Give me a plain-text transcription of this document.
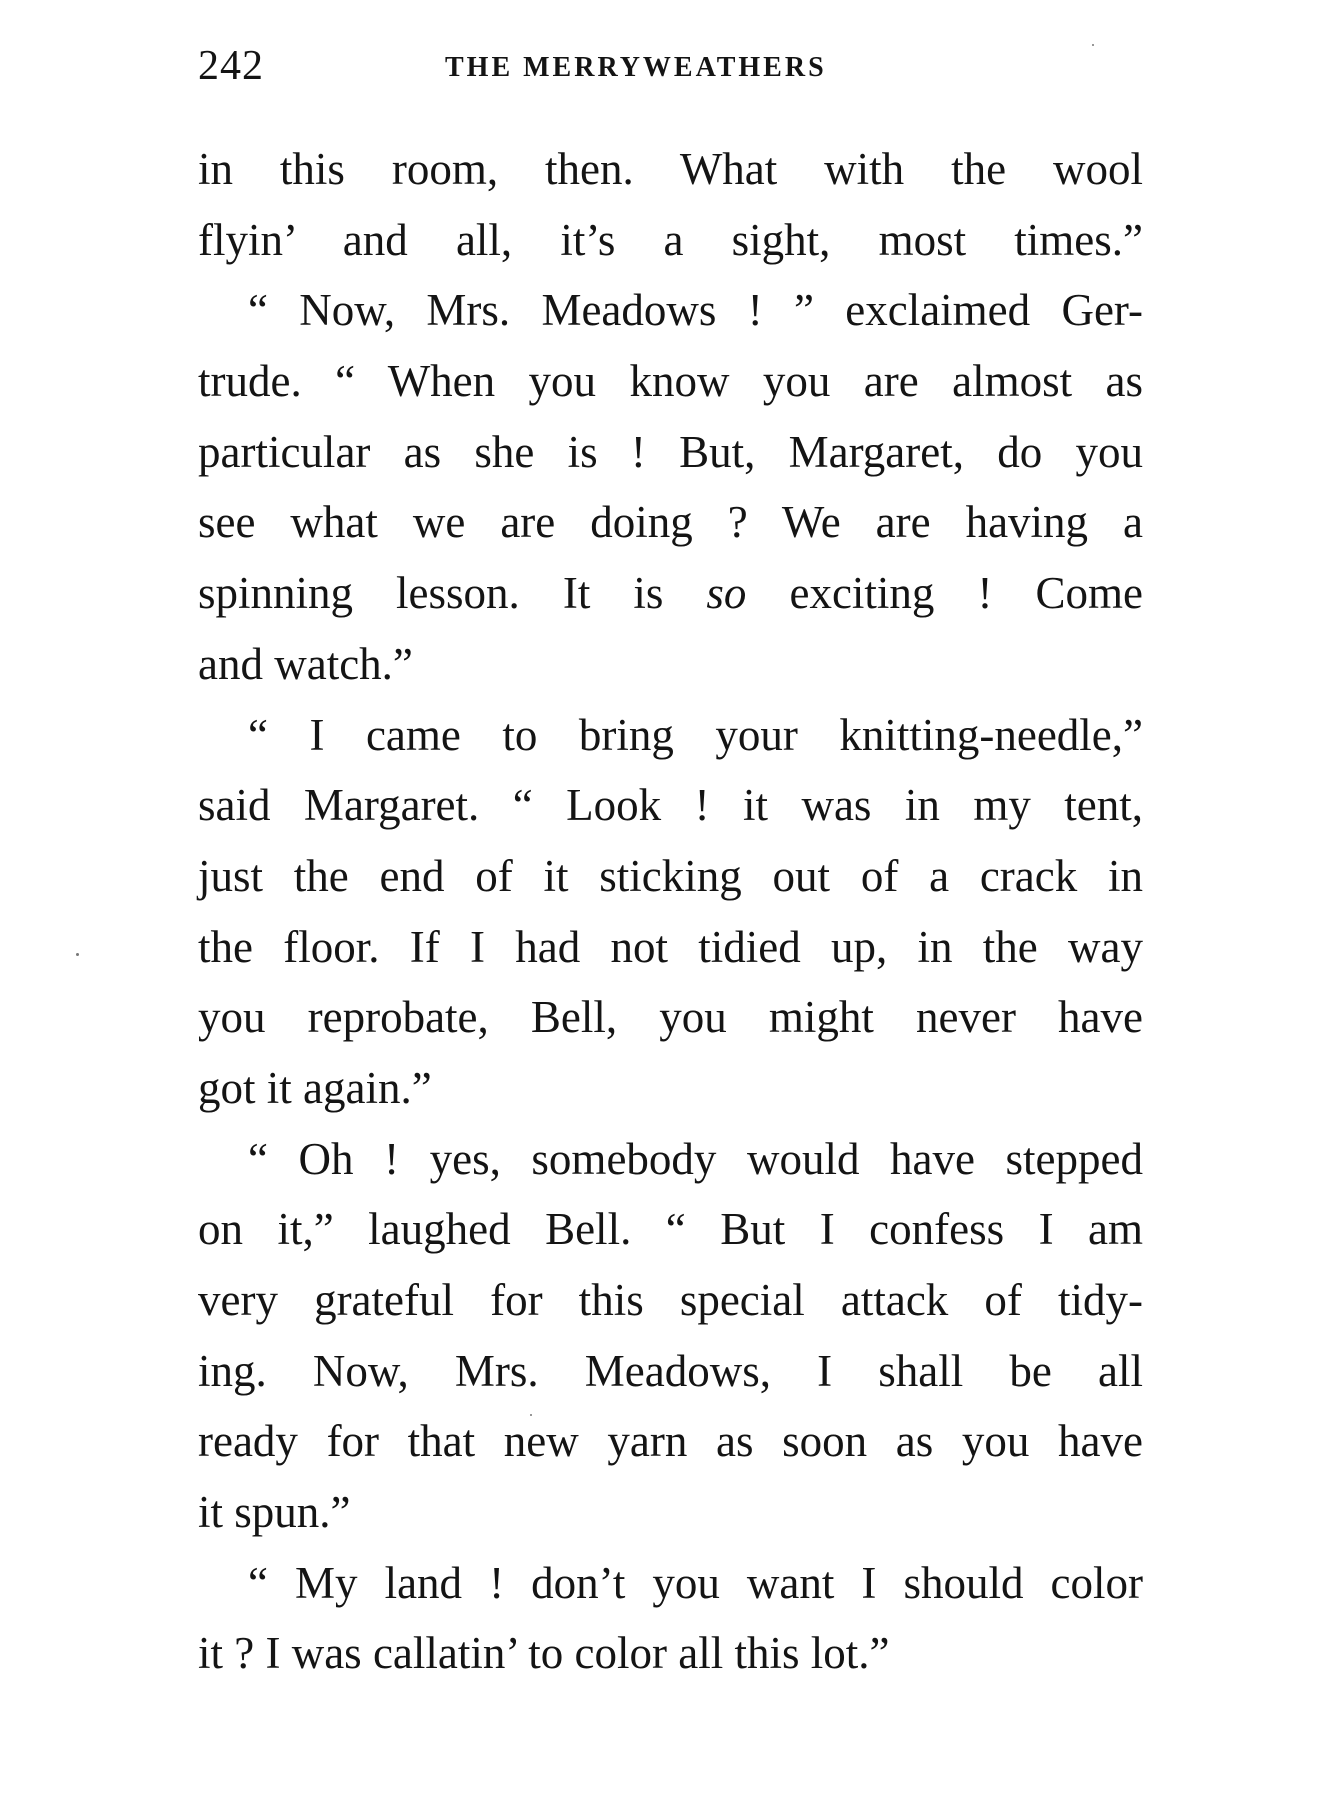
242	THE MERRYWEATHERS
in this room, then. What with the wool
flyin’ and all, it’s a sight, most times.”
“ Now, Mrs. Meadows ! ” exclaimed Ger-
trude. “ When you know you are almost as
particular as she is ! But, Margaret, do you
see what we are doing ? We are having a
spinning lesson. It is so exciting ! Come
and watch.”
“ I came to bring your knitting-needle,”
said Margaret. “ Look ! it was in my tent,
just the end of it sticking out of a crack in
the floor. If I had not tidied up, in the way
you reprobate, Bell, you might never have
got it again.”
“ Oh ! yes, somebody would have stepped
on it,” laughed Bell. “ But I confess I am
very grateful for this special attack of tidy-
ing. Now, Mrs. Meadows, I shall be all
ready for that new yarn as soon as you have
it spun.”
“ My land ! don’t you want I should color
it ? I was callatin’ to color all this lot.”
